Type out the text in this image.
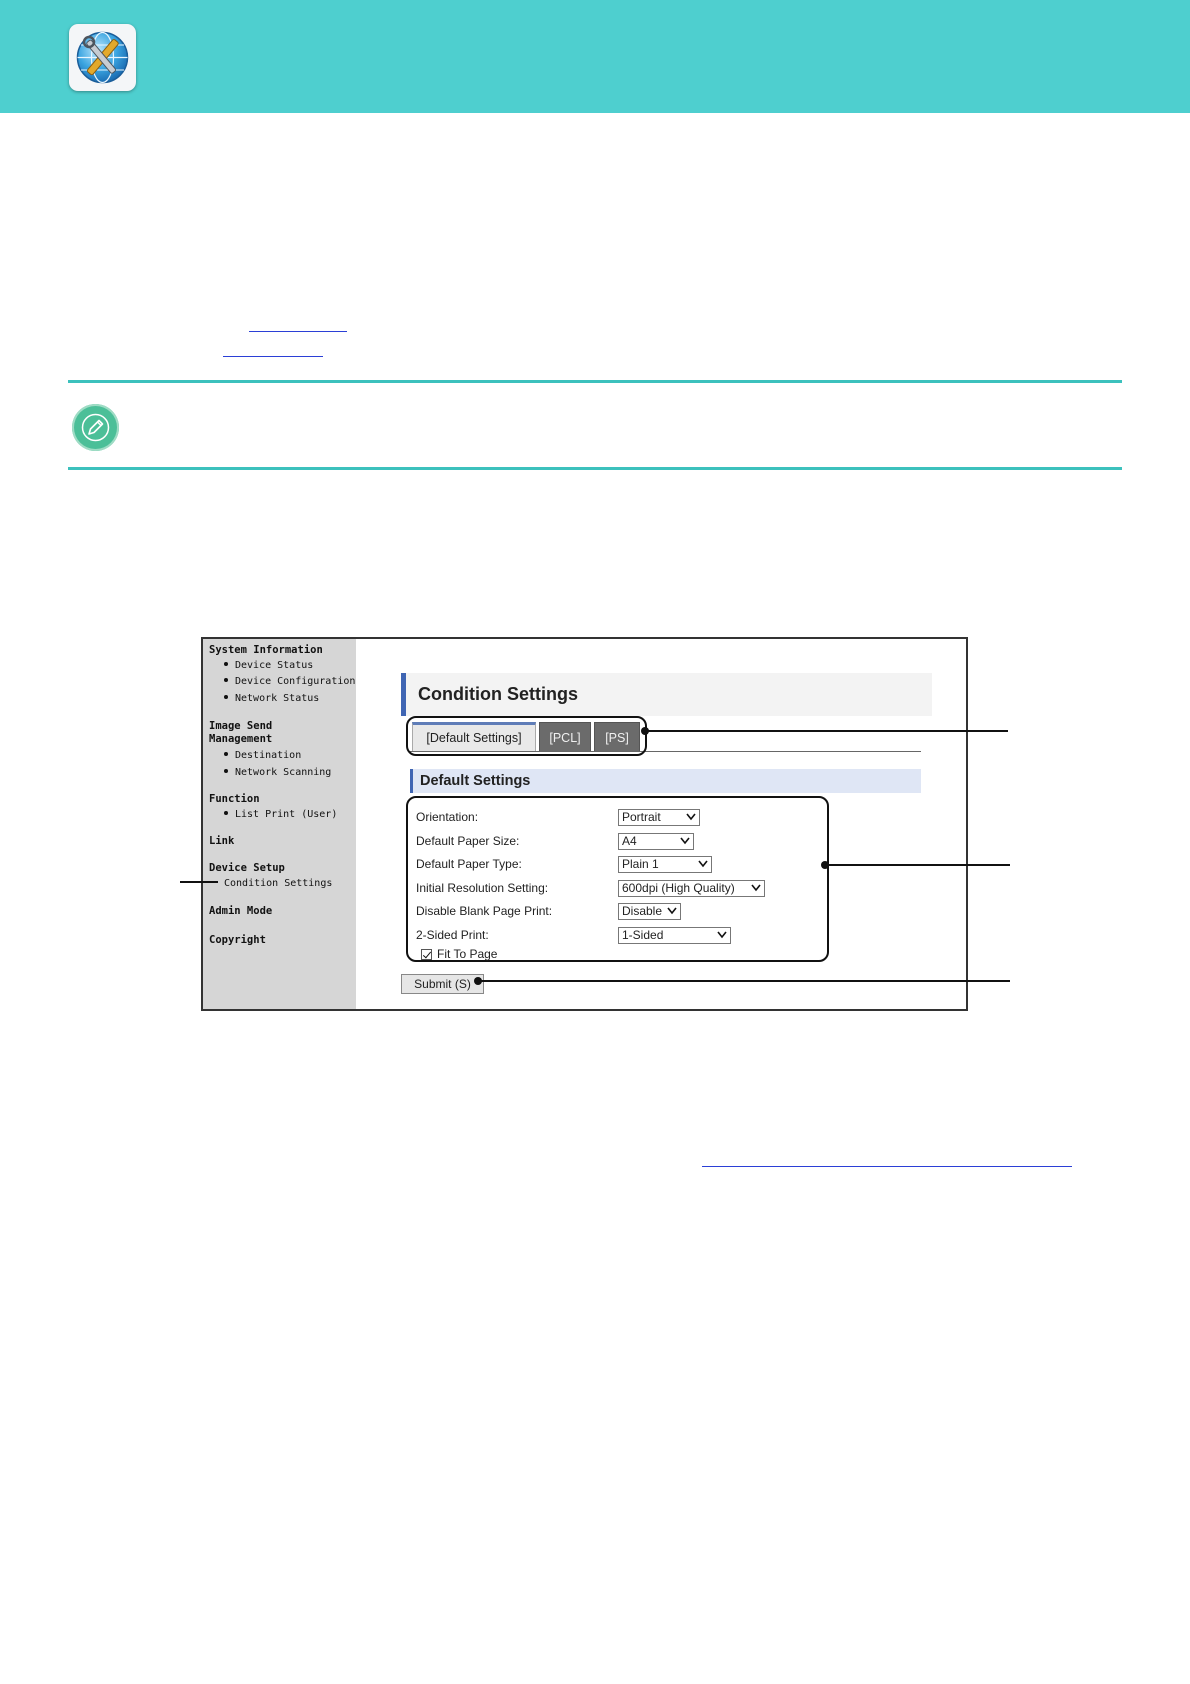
System Information
Device Status
Device Configuration
Network Status
Image Send
Management
Destination
Network Scanning
Function
List Print (User)
Link
Device Setup
Condition Settings
Admin Mode
Copyright
Condition Settings
[Default Settings]	[PCL]	[PS]
Default Settings
Orientation:	Portrait
Default Paper Size:	A4
Default Paper Type:	Plain 1
Initial Resolution Setting:	600dpi (High Quality)
Disable Blank Page Print:	Disable
2-Sided Print:	1-Sided
Fit To Page
Submit (S)
